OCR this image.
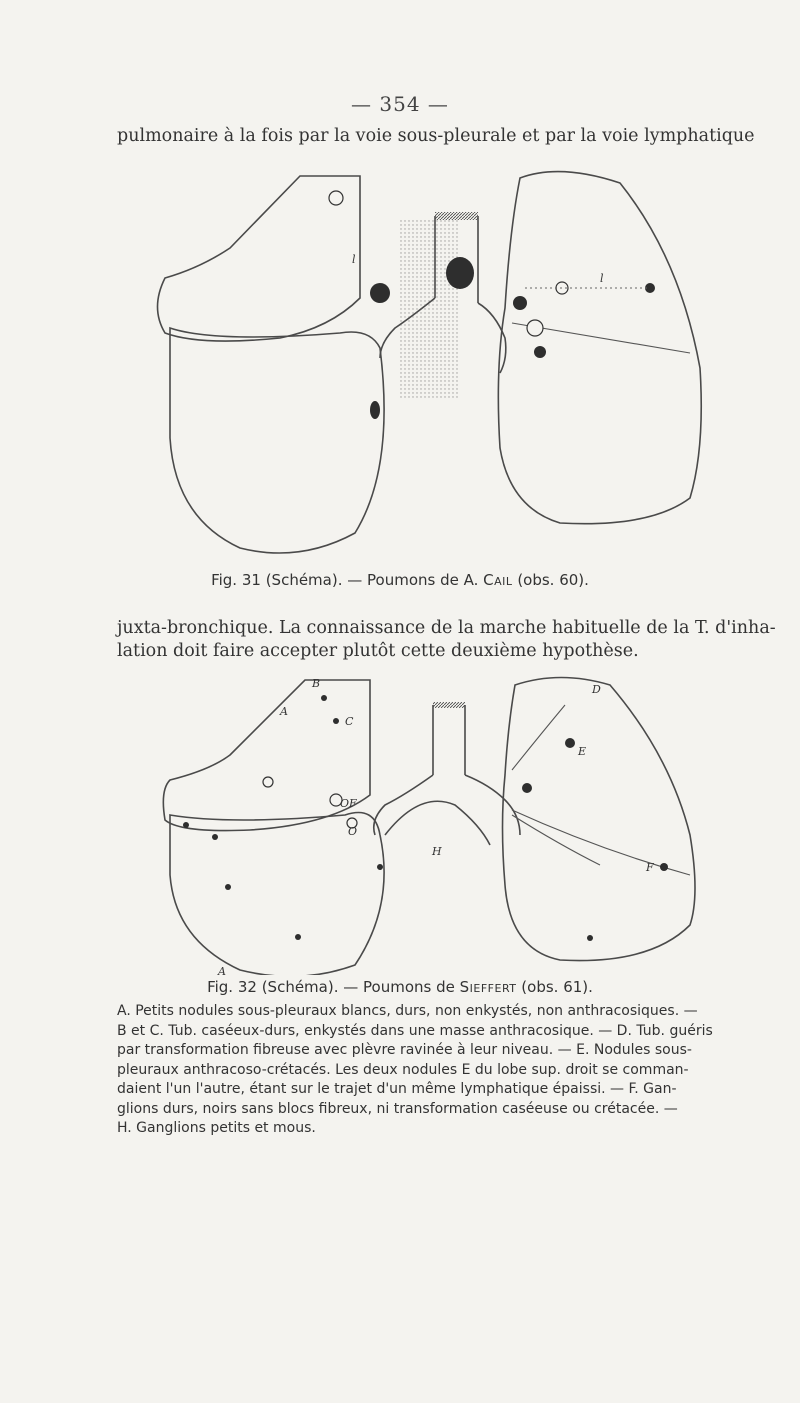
— 354 —
pulmonaire à la fois par la voie sous-pleurale et par la voie lymphatique
l
l
Fig. 31 (Schéma). — Poumons de A. Cail (obs. 60).
juxta-bronchique. La connaissance de la marche habituelle de la T. d'inha-
lation doit faire accepter plutôt cette deuxième hypothèse.
B
A
C
OF
O
A
D
E
H
F
Fig. 32 (Schéma). — Poumons de Sieffert (obs. 61).
A. Petits nodules sous-pleuraux blancs, durs, non enkystés, non anthracosiques. —
B et C. Tub. caséeux-durs, enkystés dans une masse anthracosique. — D. Tub. guéris
par transformation fibreuse avec plèvre ravinée à leur niveau. — E. Nodules sous-
pleuraux anthracoso-crétacés. Les deux nodules E du lobe sup. droit se comman-
daient l'un l'autre, étant sur le trajet d'un même lymphatique épaissi. — F. Gan-
glions durs, noirs sans blocs fibreux, ni transformation caséeuse ou crétacée. —
H. Ganglions petits et mous.
